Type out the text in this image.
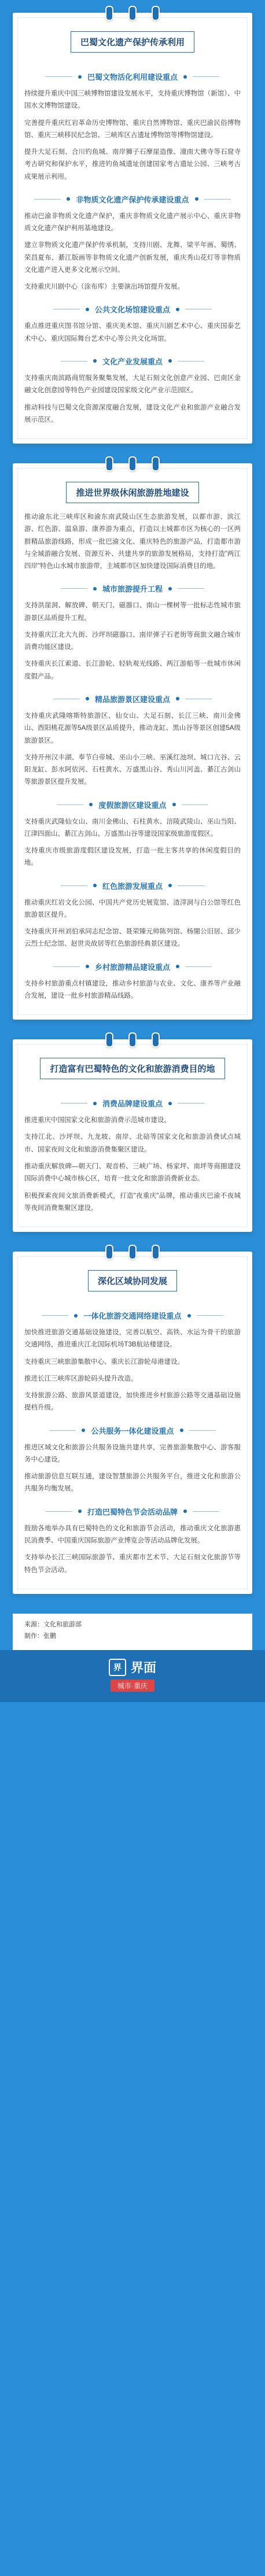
巴蜀文化遗产保护传承利用
巴蜀文物活化利用建设重点

持续提升重庆中国三峡博物馆建设发展水平，支持重庆博物馆（新馆）、中国水文博物馆建设。

完善提升重庆红岩革命历史博物馆、重庆自然博物馆、重庆巴渝民俗博物馆、重庆三峡移民纪念馆、三峡库区古遗址博物馆等博物馆建设。

提升大足石刻、合川钓鱼城、南岸狮子石摩崖造像、潼南大佛寺等石窟寺考古研究和保护水平，推进钓鱼城遗址创建国家考古遗址公园、三峡考古成果展示利用。

非物质文化遗产保护传承建设重点

推动巴渝非物质文化遗产保护，重庆非物质文化遗产展示中心、重庆非物质文化遗产保护利用基地建设。

建立非物质文化遗产保护传承机制，支持川剧、龙舞、梁平年画、蜀绣、荣昌夏布、綦江版画等非物质文化遗产创新发展，重庆秀山花灯等非物质文化遗产进入更多文化展示空间。

支持重庆川剧中心（涂布库）主要演出场馆提升发展。

公共文化场馆建设重点

重点推进重庆图书馆分馆、重庆美术馆、重庆川剧艺术中心、重庆国泰艺术中心、重庆国际舞台艺术中心等公共文化场馆。

文化产业发展重点

支持重庆南滨路商贸服务聚集发展，大足石刻文化创意产业园、巴南区金融文化创意园等特色产业园建设国家级文化产业示范园区。

推动科技与巴蜀文化资源深度融合发展，建设文化产业和旅游产业融合发展示范区。

推进世界级休闲旅游胜地建设

推动渝东北三峡库区和渝东南武陵山区生态旅游发展，以都市游、滨江游、红色游、温泉游、康养游为重点，打造以主城都市区为核心的一区两群精品旅游线路，形成一批巴渝文化、重庆特色的旅游产品，打造都市游与全域游融合发展、资源互补、共建共享的旅游发展格局，支持打造"两江四岸"特色山水城市旅游带，主城都市区加快建设国际消费目的地。

城市旅游提升工程

支持洪崖洞、解放碑、朝天门、磁器口、南山一棵树等一批标志性城市旅游景区品质提升工程。

支持重庆江北大九街、沙坪坝磁器口、南岸弹子石老街等商旅文融合城市消费功能区建设。

支持重庆长江索道、长江游轮、轻轨观光线路、两江游船等一批城市休闲度假产品。

精品旅游景区建设重点

支持重庆武隆喀斯特旅游区、仙女山、大足石刻、长江三峡、南川金佛山、酉阳桃花源等5A级景区品质提升，推动龙缸、黑山谷等景区创建5A级旅游景区。

支持开州汉丰湖、奉节白帝城、巫山小三峡、巫溪红池坝、城口亢谷、云阳龙缸、彭水阿依河、石柱黄水、万盛黑山谷、秀山川河盖、綦江古剑山等旅游景区提升发展。

度假旅游区建设重点

支持重庆武隆仙女山、南川金佛山、石柱黄水、涪陵武陵山、巫山当阳、江津四面山、綦江古剑山、万盛黑山谷等建设国家级旅游度假区。

支持重庆市级旅游度假区建设发展，打造一批主客共享的休闲度假目的地。

红色旅游发展重点

推动重庆红岩文化公园、中国共产党历史展览馆、渣滓洞与白公馆等红色旅游景区提升。

支持重庆开州刘伯承同志纪念馆、聂荣臻元帅陈列馆、杨闇公旧居、邱少云烈士纪念馆、赵世炎故居等红色旅游经典景区建设。

乡村旅游精品建设重点

支持乡村旅游重点村镇建设，推动乡村旅游与农业、文化、康养等产业融合发展，建设一批乡村旅游精品线路。

打造富有巴蜀特色的文化和旅游消费目的地
消费品牌建设重点

推进重庆中国国家文化和旅游消费示范城市建设。

支持江北、沙坪坝、九龙坡、南岸、北碚等国家文化和旅游消费试点城市、国家夜间文化和旅游消费集聚区建设。

推动重庆解放碑—朝天门、观音桥、三峡广场、杨家坪、南坪等商圈建设国际消费中心城市核心区，培育一批文化和旅游消费新业态。

积极探索夜间文旅消费新模式，打造"夜重庆"品牌，推动重庆巴渝不夜城等夜间消费集聚区建设。

深化区域协同发展
一体化旅游交通网络建设重点

加快推进旅游交通基础设施建设，完善以航空、高铁、水运为骨干的旅游交通网络，推进重庆江北国际机场T3B航站楼建设。

支持重庆三峡旅游集散中心、重庆长江游轮母港建设。

推进长江三峡库区游轮码头提升改造。

支持旅游公路、旅游风景道建设，加快推进乡村旅游公路等交通基础设施提档升级。

公共服务一体化建设重点

推进区域文化和旅游公共服务设施共建共享，完善旅游集散中心、游客服务中心建设。

推动旅游信息互联互通，建设智慧旅游公共服务平台，推进文化和旅游公共服务均衡发展。

打造巴蜀特色节会活动品牌

鼓励各地举办具有巴蜀特色的文化和旅游节会活动，推动重庆文化旅游惠民消费季、中国重庆国际旅游产业博览会等活动品牌化发展。

支持举办长江三峡国际旅游节、重庆都市艺术节、大足石刻文化旅游节等特色节会活动。

来源：文化和旅游部
制作：张鹏
界 界面

城市·重庆
